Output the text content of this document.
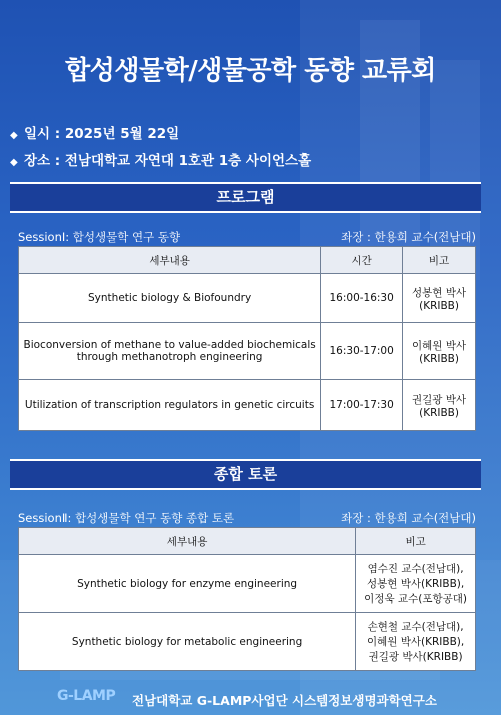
합성생물학/생물공학 동향 교류회
◆ 일시 : 2025년 5월 22일
◆ 장소 : 전남대학교 자연대 1호관 1층 사이언스홀
프로그램
SessionⅠ: 합성생물학 연구 동향	좌장 : 한용희 교수(전남대)
세부내용	시간	비고
Synthetic biology & Biofoundry	16:00-16:30	성봉현 박사
(KRIBB)
Bioconversion of methane to value-added biochemicals through methanotroph engineering	16:30-17:00	이혜원 박사
(KRIBB)
Utilization of transcription regulators in genetic circuits	17:00-17:30	권길광 박사
(KRIBB)
종합 토론
SessionⅡ: 합성생물학 연구 동향 종합 토론	좌장 : 한용희 교수(전남대)
세부내용	비고
Synthetic biology for enzyme engineering	염수진 교수(전남대),
성봉현 박사(KRIBB),
이정욱 교수(포항공대)
Synthetic biology for metabolic engineering	손현철 교수(전남대),
이혜원 박사(KRIBB),
권길광 박사(KRIBB)
G-LAMP 전남대학교 G-LAMP사업단 시스템정보생명과학연구소
